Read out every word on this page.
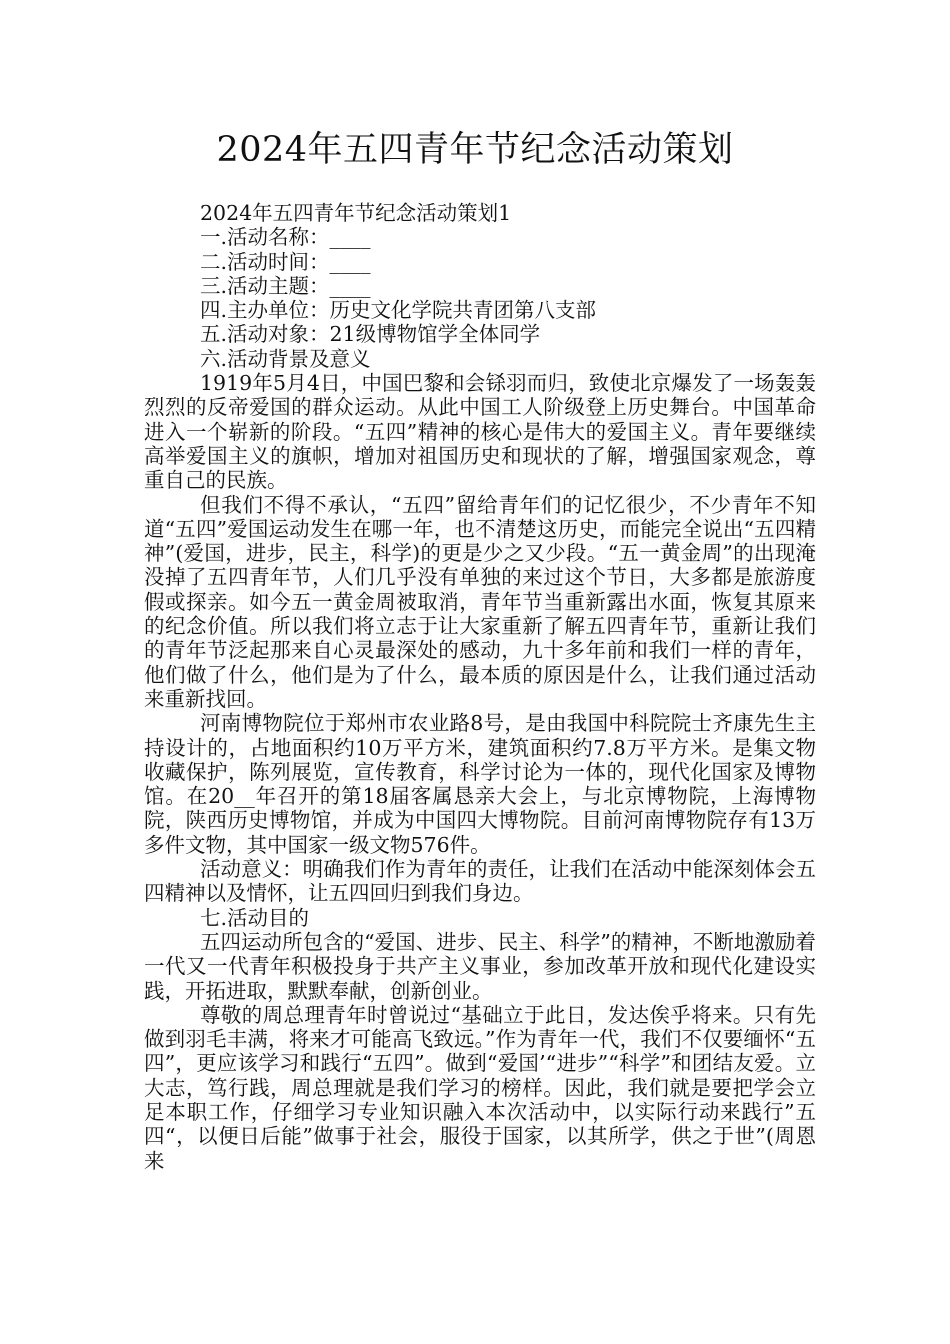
2024年五四青年节纪念活动策划

2024年五四青年节纪念活动策划1

一.活动名称：____

二.活动时间：____

三.活动主题：____

四.主办单位：历史文化学院共青团第八支部

五.活动对象：21级博物馆学全体同学

六.活动背景及意义

1919年5月4日，中国巴黎和会铩羽而归，致使北京爆发了一场轰轰烈烈的反帝爱国的群众运动。从此中国工人阶级登上历史舞台。中国革命进入一个崭新的阶段。“五四”精神的核心是伟大的爱国主义。青年要继续高举爱国主义的旗帜，增加对祖国历史和现状的了解，增强国家观念，尊重自己的民族。

但我们不得不承认，“五四”留给青年们的记忆很少，不少青年不知道“五四”爱国运动发生在哪一年，也不清楚这历史，而能完全说出“五四精神”(爱国，进步，民主，科学)的更是少之又少段。“五一黄金周”的出现淹没掉了五四青年节，人们几乎没有单独的来过这个节日，大多都是旅游度假或探亲。如今五一黄金周被取消，青年节当重新露出水面，恢复其原来的纪念价值。所以我们将立志于让大家重新了解五四青年节，重新让我们的青年节泛起那来自心灵最深处的感动，九十多年前和我们一样的青年，他们做了什么，他们是为了什么，最本质的原因是什么，让我们通过活动来重新找回。

河南博物院位于郑州市农业路8号，是由我国中科院院士齐康先生主持设计的，占地面积约10万平方米，建筑面积约7.8万平方米。是集文物收藏保护，陈列展览，宣传教育，科学讨论为一体的，现代化国家及博物馆。在20__年召开的第18届客属恳亲大会上，与北京博物院，上海博物院，陕西历史博物馆，并成为中国四大博物院。目前河南博物院存有13万多件文物，其中国家一级文物576件。

活动意义：明确我们作为青年的责任，让我们在活动中能深刻体会五四精神以及情怀，让五四回归到我们身边。

七.活动目的

五四运动所包含的“爱国、进步、民主、科学”的精神，不断地激励着一代又一代青年积极投身于共产主义事业，参加改革开放和现代化建设实践，开拓进取，默默奉献，创新创业。

尊敬的周总理青年时曾说过“基础立于此日，发达俟乎将来。只有先做到羽毛丰满，将来才可能高飞致远。”作为青年一代，我们不仅要缅怀“五四”，更应该学习和践行“五四”。做到“爱国’“进步”“科学”和团结友爱。立大志，笃行践，周总理就是我们学习的榜样。因此，我们就是要把学会立足本职工作，仔细学习专业知识融入本次活动中，以实际行动来践行”五四“，以便日后能”做事于社会，服役于国家，以其所学，供之于世”(周恩来
